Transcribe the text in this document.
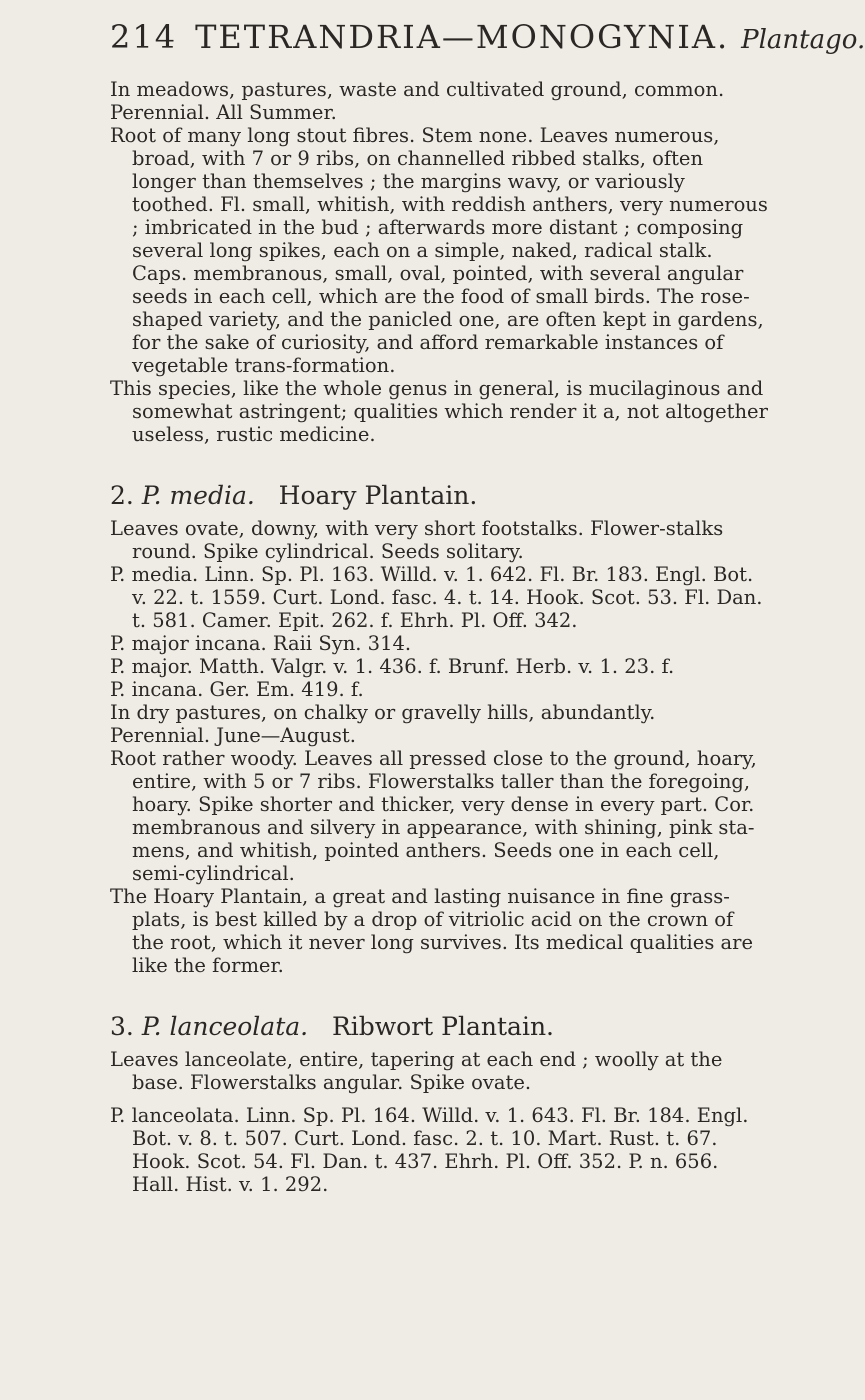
214 TETRANDRIA—MONOGYNIA. Plantago.

In meadows, pastures, waste and cultivated ground, common.

Perennial. All Summer.

Root of many long stout fibres. Stem none. Leaves numerous, broad, with 7 or 9 ribs, on channelled ribbed stalks, often longer than themselves ; the margins wavy, or variously toothed. Fl. small, whitish, with reddish anthers, very numerous ; imbricated in the bud ; afterwards more distant ; composing several long spikes, each on a simple, naked, radical stalk. Caps. membranous, small, oval, pointed, with several angular seeds in each cell, which are the food of small birds. The rose-shaped variety, and the panicled one, are often kept in gardens, for the sake of curiosity, and afford remarkable instances of vegetable trans-formation.

This species, like the whole genus in general, is mucilaginous and somewhat astringent; qualities which render it a, not altogether useless, rustic medicine.

2. P. media. Hoary Plantain.

Leaves ovate, downy, with very short footstalks. Flower-stalks round. Spike cylindrical. Seeds solitary.

P. media. Linn. Sp. Pl. 163. Willd. v. 1. 642. Fl. Br. 183. Engl. Bot. v. 22. t. 1559. Curt. Lond. fasc. 4. t. 14. Hook. Scot. 53. Fl. Dan. t. 581. Camer. Epit. 262. f. Ehrh. Pl. Off. 342.

P. major incana. Raii Syn. 314.

P. major. Matth. Valgr. v. 1. 436. f. Brunf. Herb. v. 1. 23. f.

P. incana. Ger. Em. 419. f.

In dry pastures, on chalky or gravelly hills, abundantly.

Perennial. June—August.

Root rather woody. Leaves all pressed close to the ground, hoary, entire, with 5 or 7 ribs. Flowerstalks taller than the foregoing, hoary. Spike shorter and thicker, very dense in every part. Cor. membranous and silvery in appearance, with shining, pink sta-mens, and whitish, pointed anthers. Seeds one in each cell, semi-cylindrical.

The Hoary Plantain, a great and lasting nuisance in fine grass-plats, is best killed by a drop of vitriolic acid on the crown of the root, which it never long survives. Its medical qualities are like the former.

3. P. lanceolata. Ribwort Plantain.

Leaves lanceolate, entire, tapering at each end ; woolly at the base. Flowerstalks angular. Spike ovate.

P. lanceolata. Linn. Sp. Pl. 164. Willd. v. 1. 643. Fl. Br. 184. Engl. Bot. v. 8. t. 507. Curt. Lond. fasc. 2. t. 10. Mart. Rust. t. 67. Hook. Scot. 54. Fl. Dan. t. 437. Ehrh. Pl. Off. 352. P. n. 656. Hall. Hist. v. 1. 292.
